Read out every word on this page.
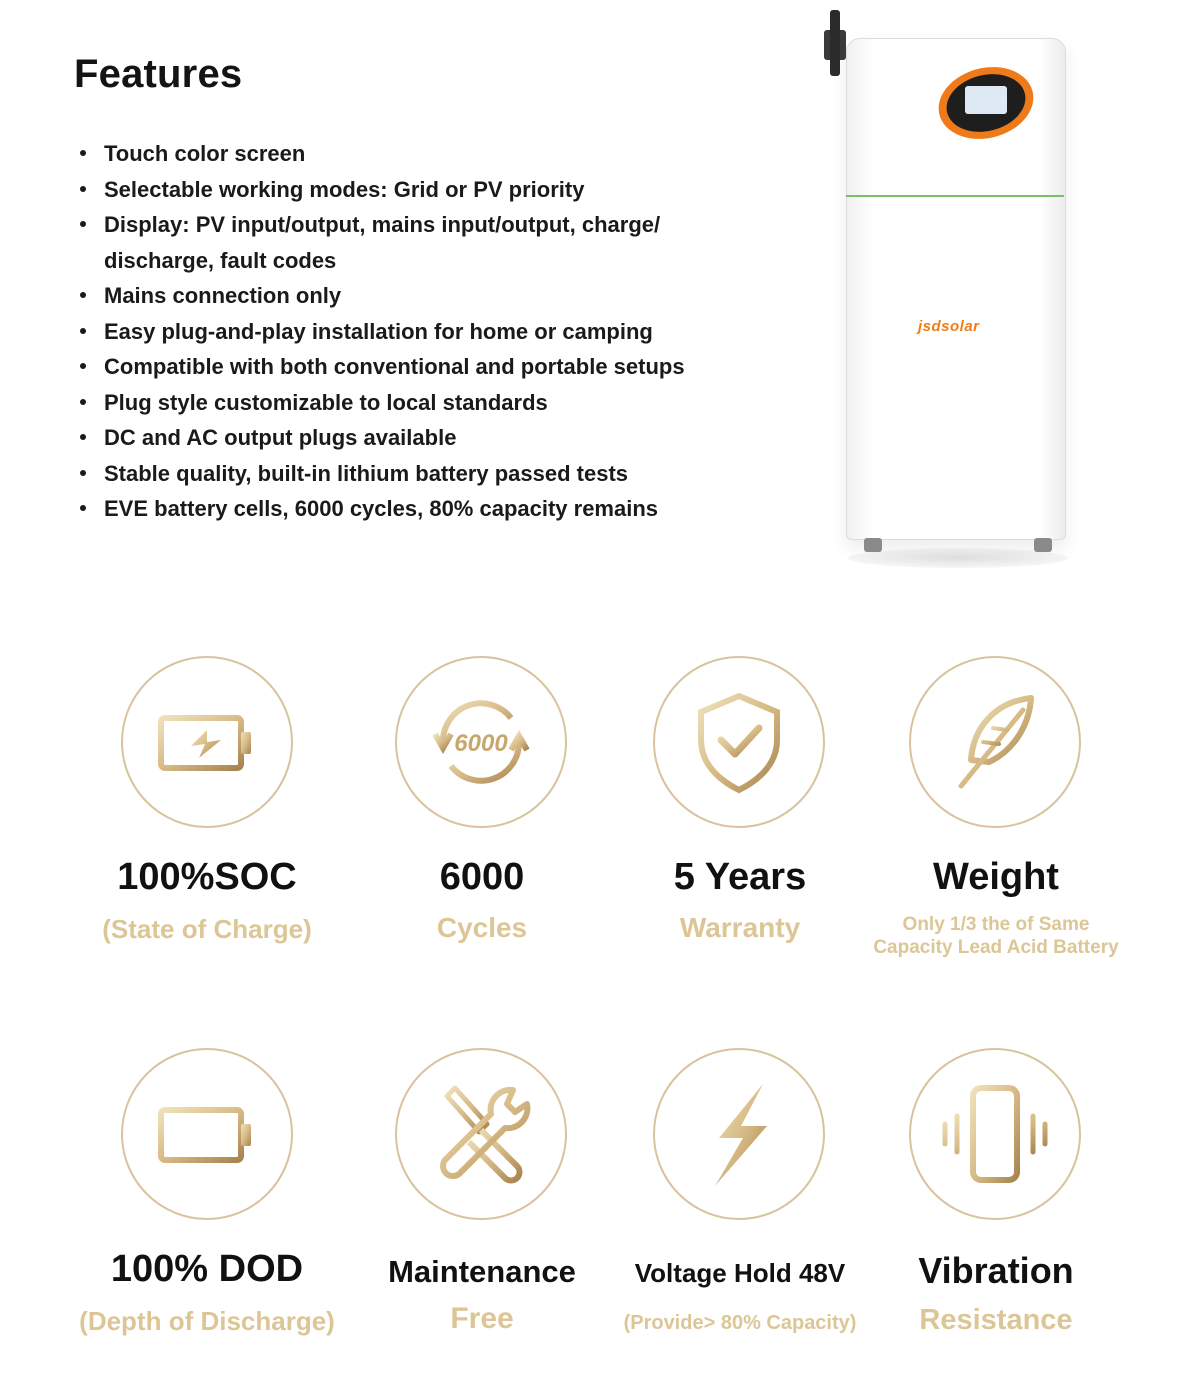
Features
Touch color screen
Selectable working modes: Grid or PV priority
Display: PV input/output, mains input/output, charge/ discharge, fault codes
Mains connection only
Easy plug-and-play installation for home or camping
Compatible with both conventional and portable setups
Plug style customizable to local standards
DC and AC output plugs available
Stable quality, built-in lithium battery passed tests
EVE battery cells, 6000 cycles, 80% capacity remains
jsdsolar
100%SOC
(State of Charge)
6000
6000
Cycles
5 Years
Warranty
Weight
Only 1/3 the of Same
Capacity Lead Acid Battery
100% DOD
(Depth of Discharge)
Maintenance
Free
Voltage Hold 48V
(Provide> 80% Capacity)
Vibration
Resistance
